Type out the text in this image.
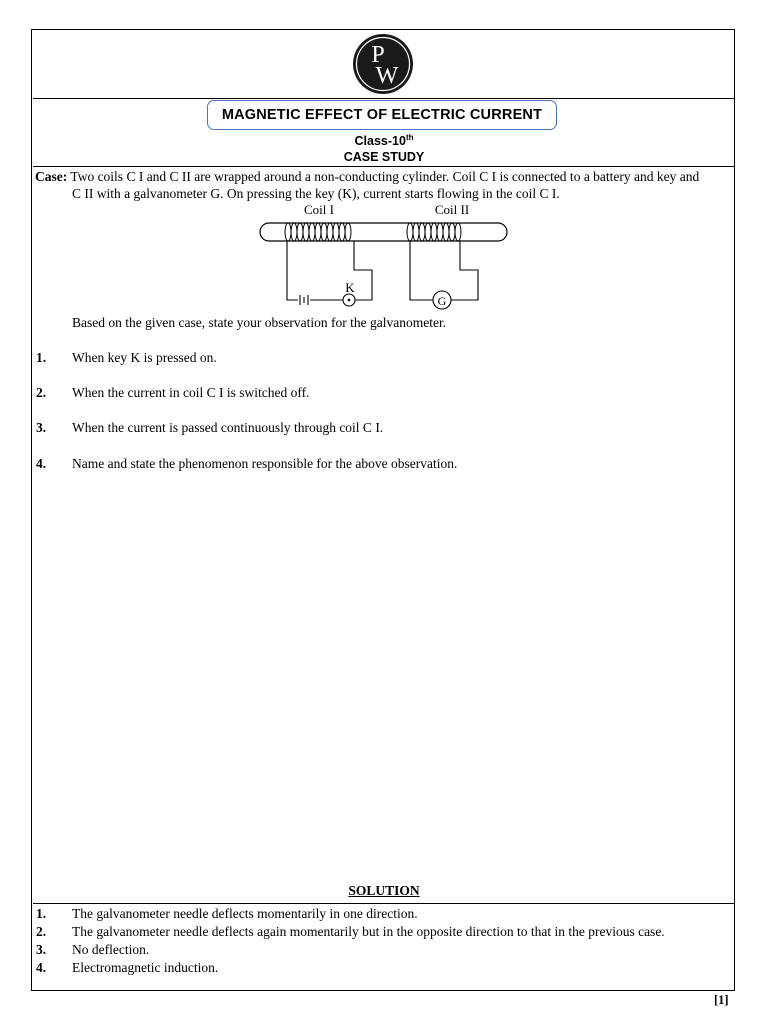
P
W
MAGNETIC EFFECT OF ELECTRIC CURRENT
Class-10th
CASE STUDY
Case: Two coils C I and C II are wrapped around a non-conducting cylinder. Coil C I is connected to a battery and key and
C II with a galvanometer G. On pressing the key (K), current starts flowing in the coil C I.
Coil I	Coil II
K
G
Based on the given case, state your observation for the galvanometer.
1. When key K is pressed on.
2. When the current in coil C I is switched off.
3. When the current is passed continuously through coil C I.
4. Name and state the phenomenon responsible for the above observation.
SOLUTION
1. The galvanometer needle deflects momentarily in one direction.
2. The galvanometer needle deflects again momentarily but in the opposite direction to that in the previous case.
3. No deflection.
4. Electromagnetic induction.
[1]
